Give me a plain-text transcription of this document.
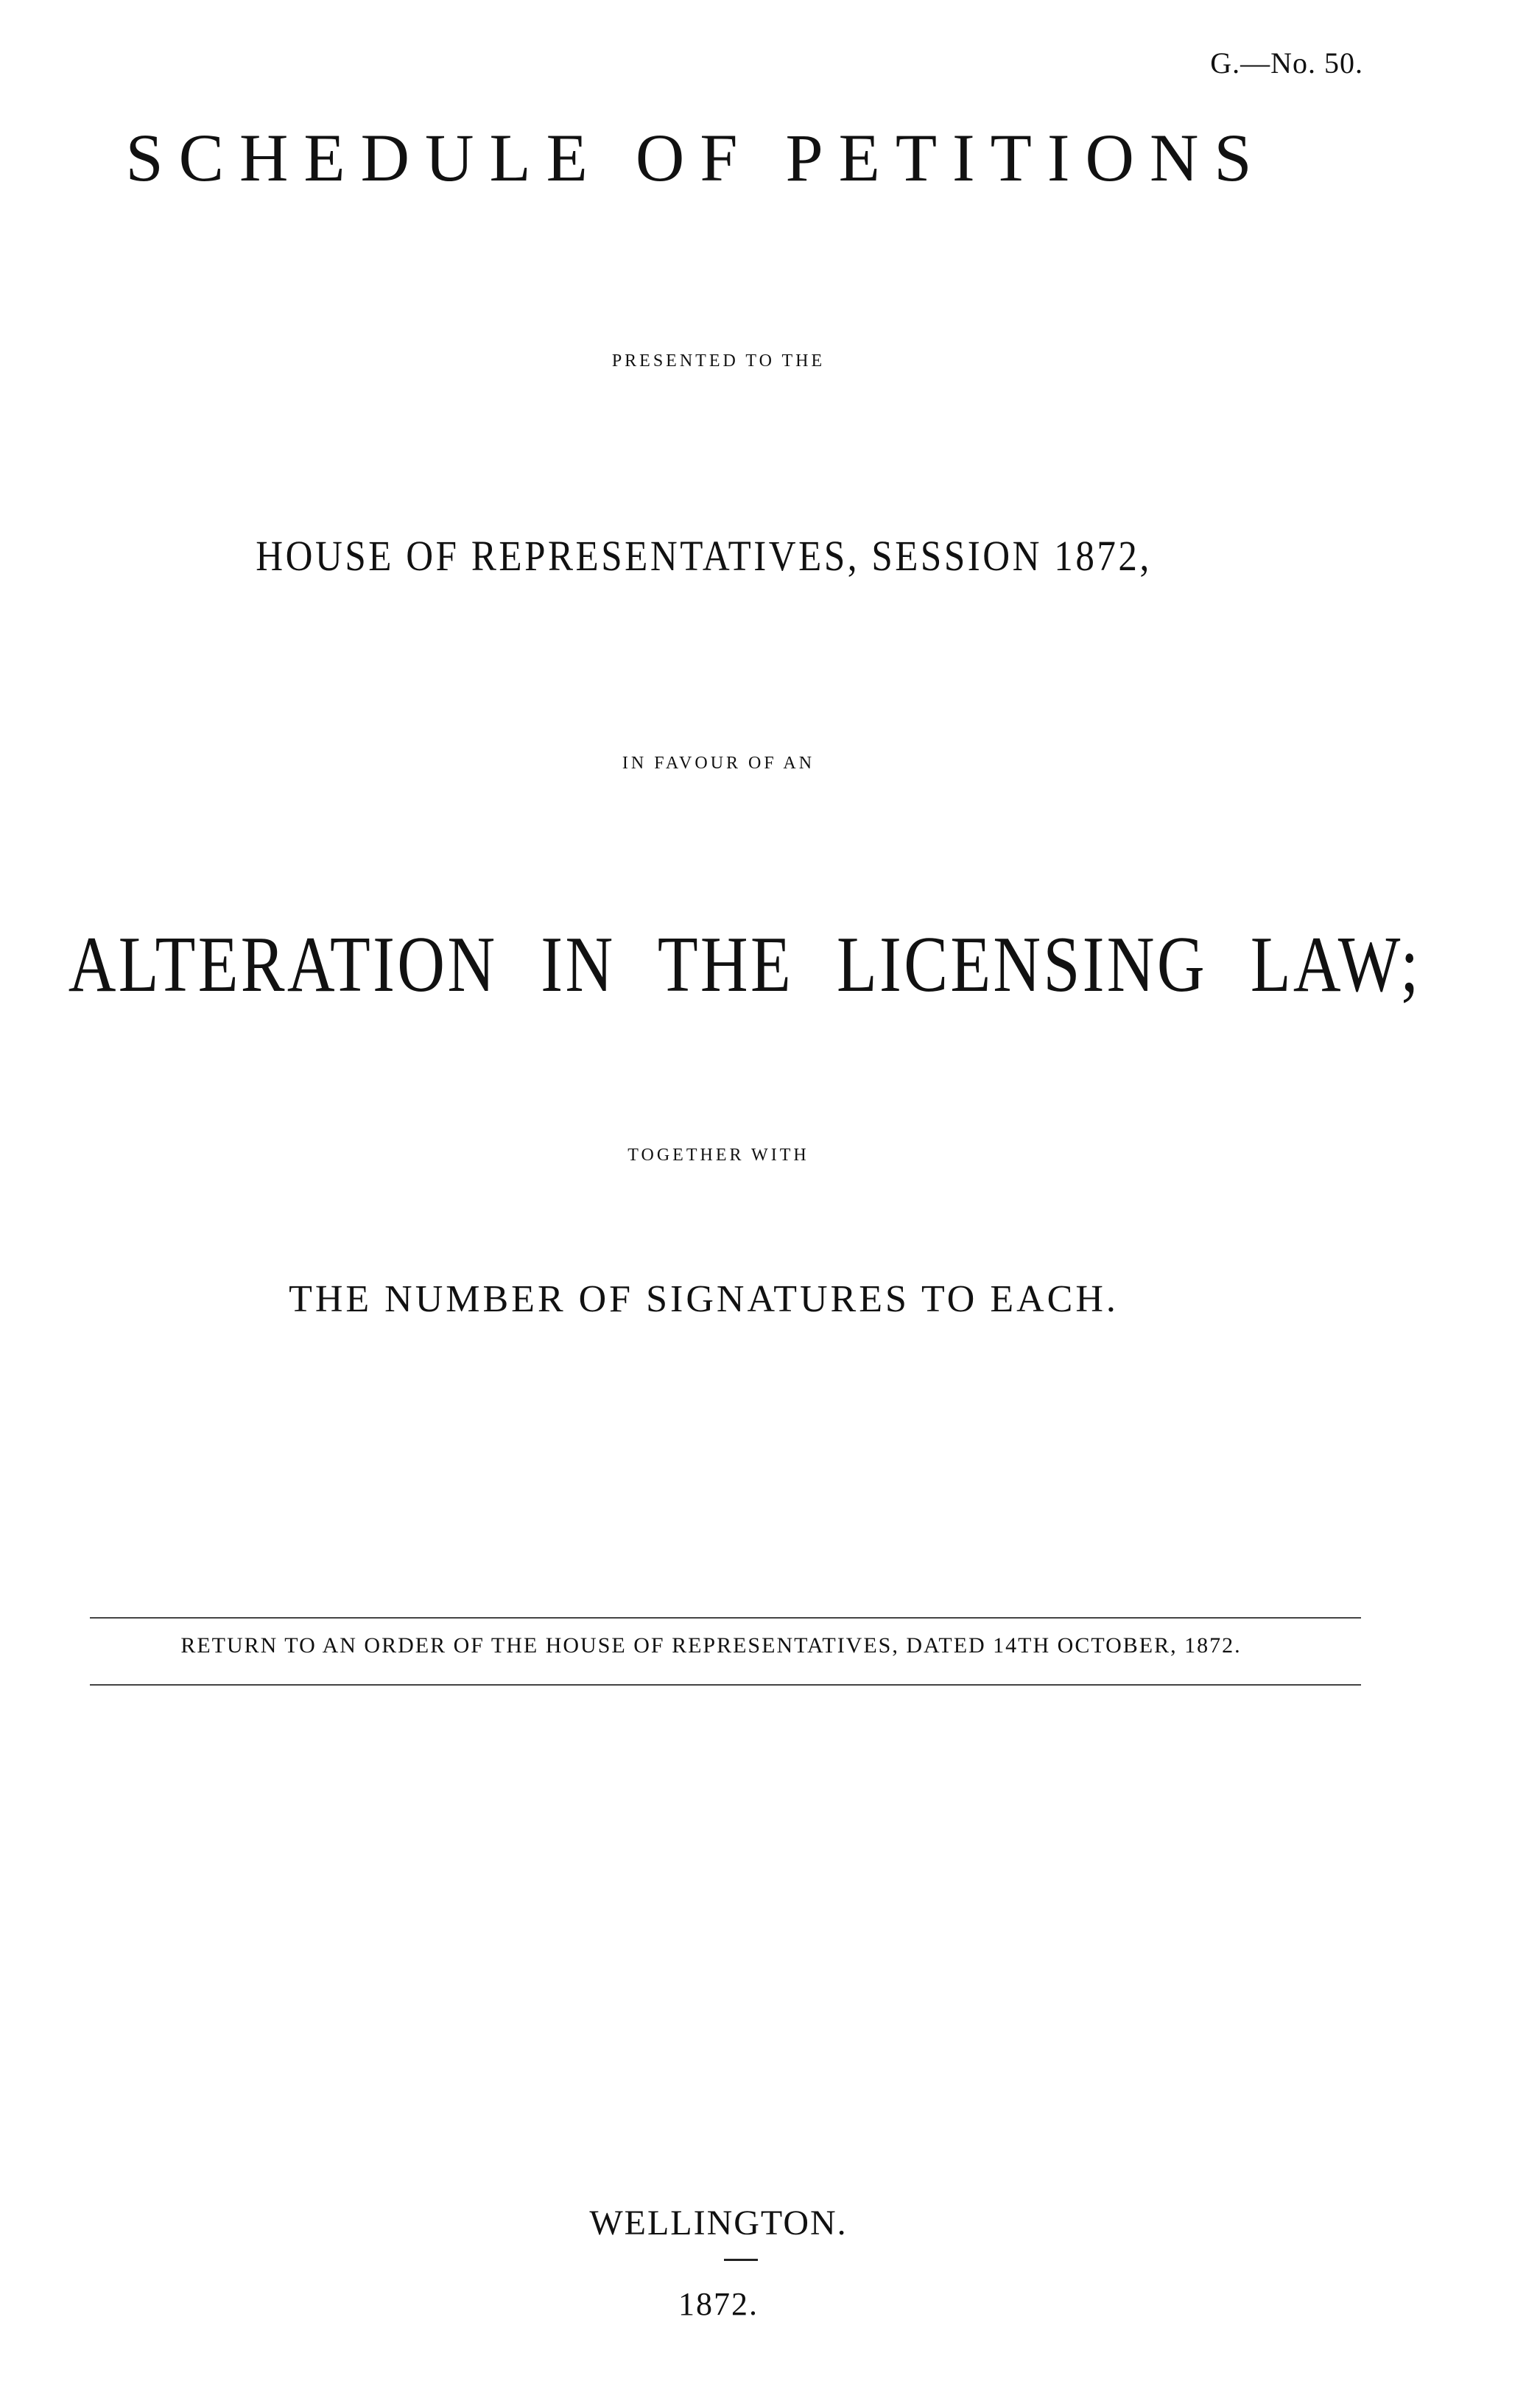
G.—No. 50.
SCHEDULE OF PETITIONS
PRESENTED TO THE
HOUSE OF REPRESENTATIVES, SESSION 1872,
IN FAVOUR OF AN
ALTERATION IN THE LICENSING LAW;
TOGETHER WITH
THE NUMBER OF SIGNATURES TO EACH.
RETURN TO AN ORDER OF THE HOUSE OF REPRESENTATIVES, DATED 14TH OCTOBER, 1872.
WELLINGTON.
1872.
